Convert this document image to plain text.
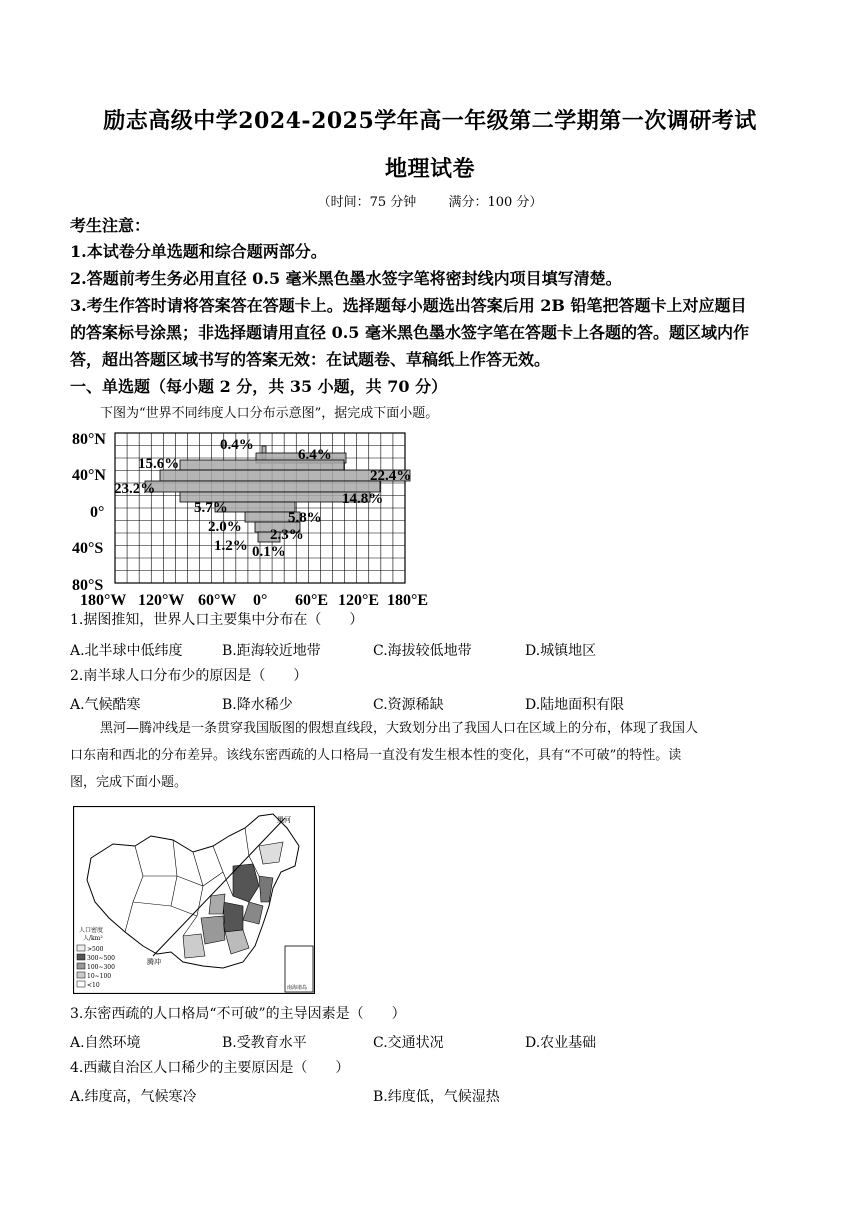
励志高级中学2024-2025学年高一年级第二学期第一次调研考试
地理试卷
（时间：75 分钟 满分：100 分）
考生注意：
1.本试卷分单选题和综合题两部分。
2.答题前考生务必用直径 0.5 毫米黑色墨水签字笔将密封线内项目填写清楚。
3.考生作答时请将答案答在答题卡上。选择题每小题选出答案后用 2B 铅笔把答题卡上对应题目
的答案标号涂黑；非选择题请用直径 0.5 毫米黑色墨水签字笔在答题卡上各题的答。题区域内作
答，超出答题区域书写的答案无效：在试题卷、草稿纸上作答无效。
一、单选题（每小题 2 分，共 35 小题，共 70 分）
下图为“世界不同纬度人口分布示意图”，据完成下面小题。
80°N
40°N
0°
40°S
80°S
180°W 120°W 60°W 0° 60°E 120°E 180°E
0.4%
6.4%
15.6%
22.4%
23.2%
14.8%
5.7%
5.8%
2.0% 2.3%
1.2% 0.1%
1.据图推知，世界人口主要集中分布在（　　）
A.北半球中低纬度	B.距海较近地带	C.海拔较低地带	D.城镇地区
2.南半球人口分布少的原因是（　　）
A.气候酷寒	B.降水稀少	C.资源稀缺	D.陆地面积有限
黑河—腾冲线是一条贯穿我国版图的假想直线段，大致划分出了我国人口在区域上的分布，体现了我国人
口东南和西北的分布差异。该线东密西疏的人口格局一直没有发生根本性的变化，具有“不可破”的特性。读
图，完成下面小题。
黑河
腾冲
人口密度
人/km²
>500
300~500
100~300
10~100
<10	南海诸岛
3.东密西疏的人口格局“不可破”的主导因素是（　　）
A.自然环境	B.受教育水平	C.交通状况	D.农业基础
4.西藏自治区人口稀少的主要原因是（　　）
A.纬度高，气候寒冷	B.纬度低，气候湿热
